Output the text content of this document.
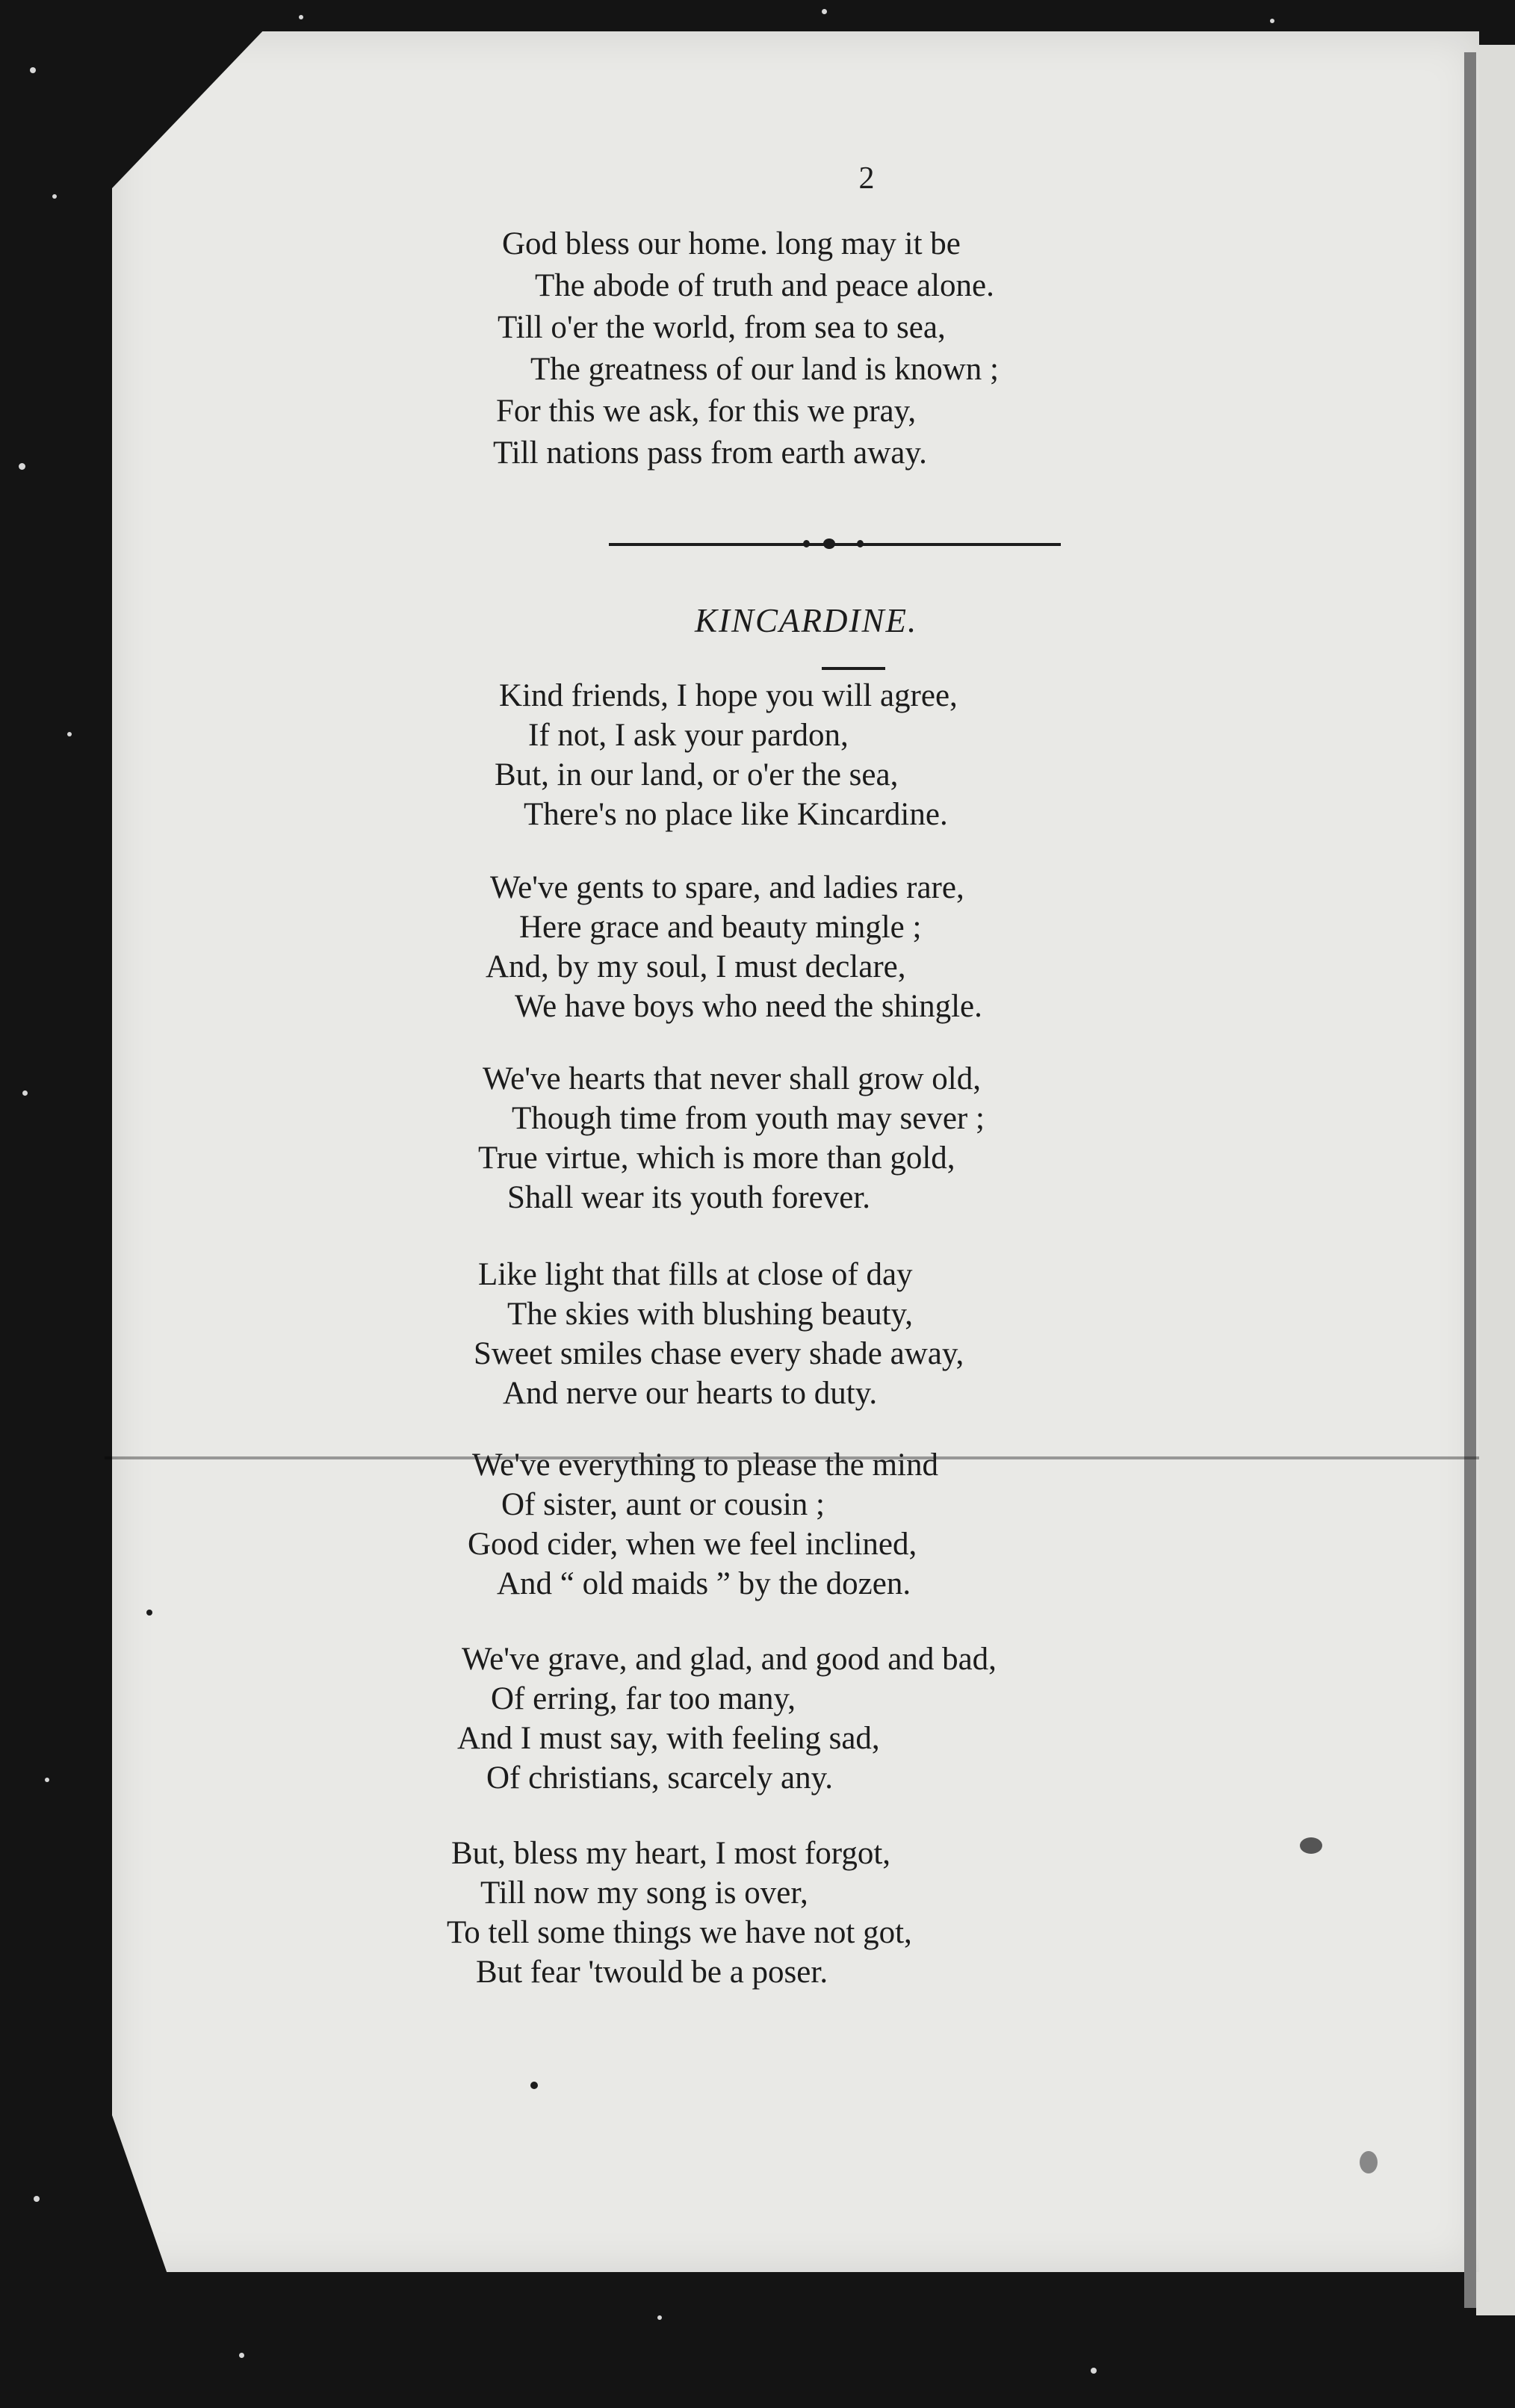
2
God bless our home. long may it be
The abode of truth and peace alone.
Till o'er the world, from sea to sea,
The greatness of our land is known ;
For this we ask, for this we pray,
Till nations pass from earth away.
KINCARDINE.
Kind friends, I hope you will agree,
If not, I ask your pardon,
But, in our land, or o'er the sea,
There's no place like Kincardine.
We've gents to spare, and ladies rare,
Here grace and beauty mingle ;
And, by my soul, I must declare,
We have boys who need the shingle.
We've hearts that never shall grow old,
Though time from youth may sever ;
True virtue, which is more than gold,
Shall wear its youth forever.
Like light that fills at close of day
The skies with blushing beauty,
Sweet smiles chase every shade away,
And nerve our hearts to duty.
We've everything to please the mind
Of sister, aunt or cousin ;
Good cider, when we feel inclined,
And “ old maids ” by the dozen.
We've grave, and glad, and good and bad,
Of erring, far too many,
And I must say, with feeling sad,
Of christians, scarcely any.
But, bless my heart, I most forgot,
Till now my song is over,
To tell some things we have not got,
But fear 'twould be a poser.
